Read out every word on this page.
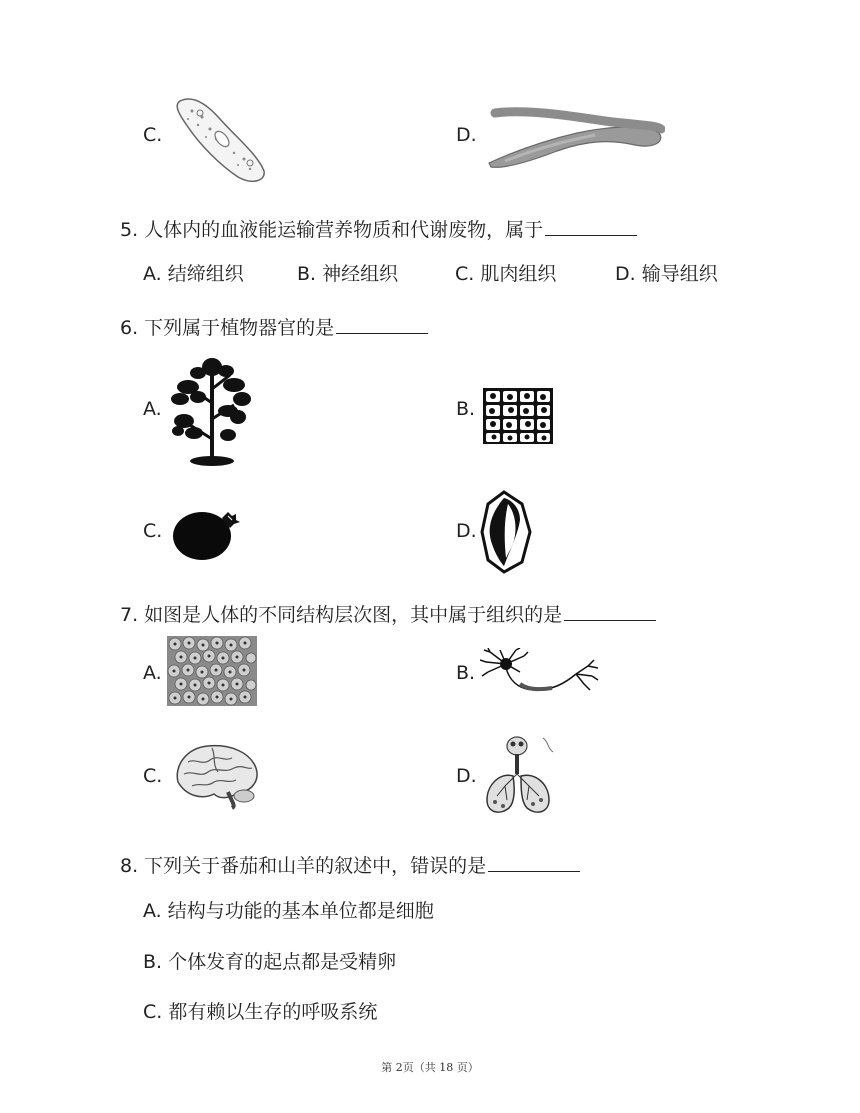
C.	D.
5. 人体内的血液能运输营养物质和代谢废物，属于
A. 结缔组织	B. 神经组织	C. 肌肉组织	D. 输导组织
6. 下列属于植物器官的是
A.	B.
C.	D.
7. 如图是人体的不同结构层次图，其中属于组织的是
A.	B.
C.	D.
8. 下列关于番茄和山羊的叙述中，错误的是
A. 结构与功能的基本单位都是细胞
B. 个体发育的起点都是受精卵
C. 都有赖以生存的呼吸系统
第 2页（共 18 页）
